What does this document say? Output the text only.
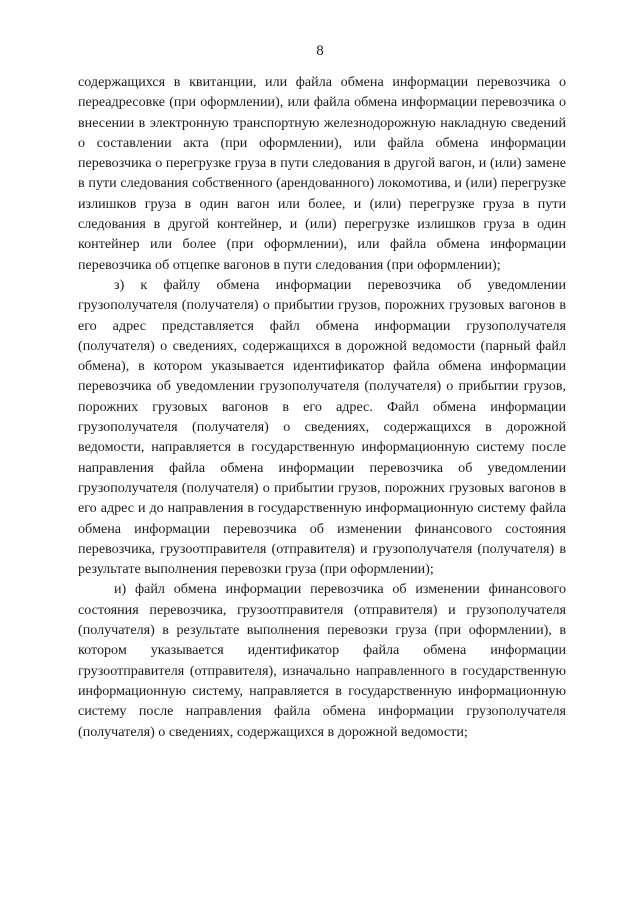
8

содержащихся в квитанции, или файла обмена информации перевозчика о переадресовке (при оформлении), или файла обмена информации перевозчика о внесении в электронную транспортную железнодорожную накладную сведений о составлении акта (при оформлении), или файла обмена информации перевозчика о перегрузке груза в пути следования в другой вагон, и (или) замене в пути следования собственного (арендованного) локомотива, и (или) перегрузке излишков груза в один вагон или более, и (или) перегрузке груза в пути следования в другой контейнер, и (или) перегрузке излишков груза в один контейнер или более (при оформлении), или файла обмена информации перевозчика об отцепке вагонов в пути следования (при оформлении);

з) к файлу обмена информации перевозчика об уведомлении грузополучателя (получателя) о прибытии грузов, порожних грузовых вагонов в его адрес представляется файл обмена информации грузополучателя (получателя) о сведениях, содержащихся в дорожной ведомости (парный файл обмена), в котором указывается идентификатор файла обмена информации перевозчика об уведомлении грузополучателя (получателя) о прибытии грузов, порожних грузовых вагонов в его адрес. Файл обмена информации грузополучателя (получателя) о сведениях, содержащихся в дорожной ведомости, направляется в государственную информационную систему после направления файла обмена информации перевозчика об уведомлении грузополучателя (получателя) о прибытии грузов, порожних грузовых вагонов в его адрес и до направления в государственную информационную систему файла обмена информации перевозчика об изменении финансового состояния перевозчика, грузоотправителя (отправителя) и грузополучателя (получателя) в результате выполнения перевозки груза (при оформлении);

и) файл обмена информации перевозчика об изменении финансового состояния перевозчика, грузоотправителя (отправителя) и грузополучателя (получателя) в результате выполнения перевозки груза (при оформлении), в котором указывается идентификатор файла обмена информации грузоотправителя (отправителя), изначально направленного в государственную информационную систему, направляется в государственную информационную систему после направления файла обмена информации грузополучателя (получателя) о сведениях, содержащихся в дорожной ведомости;
